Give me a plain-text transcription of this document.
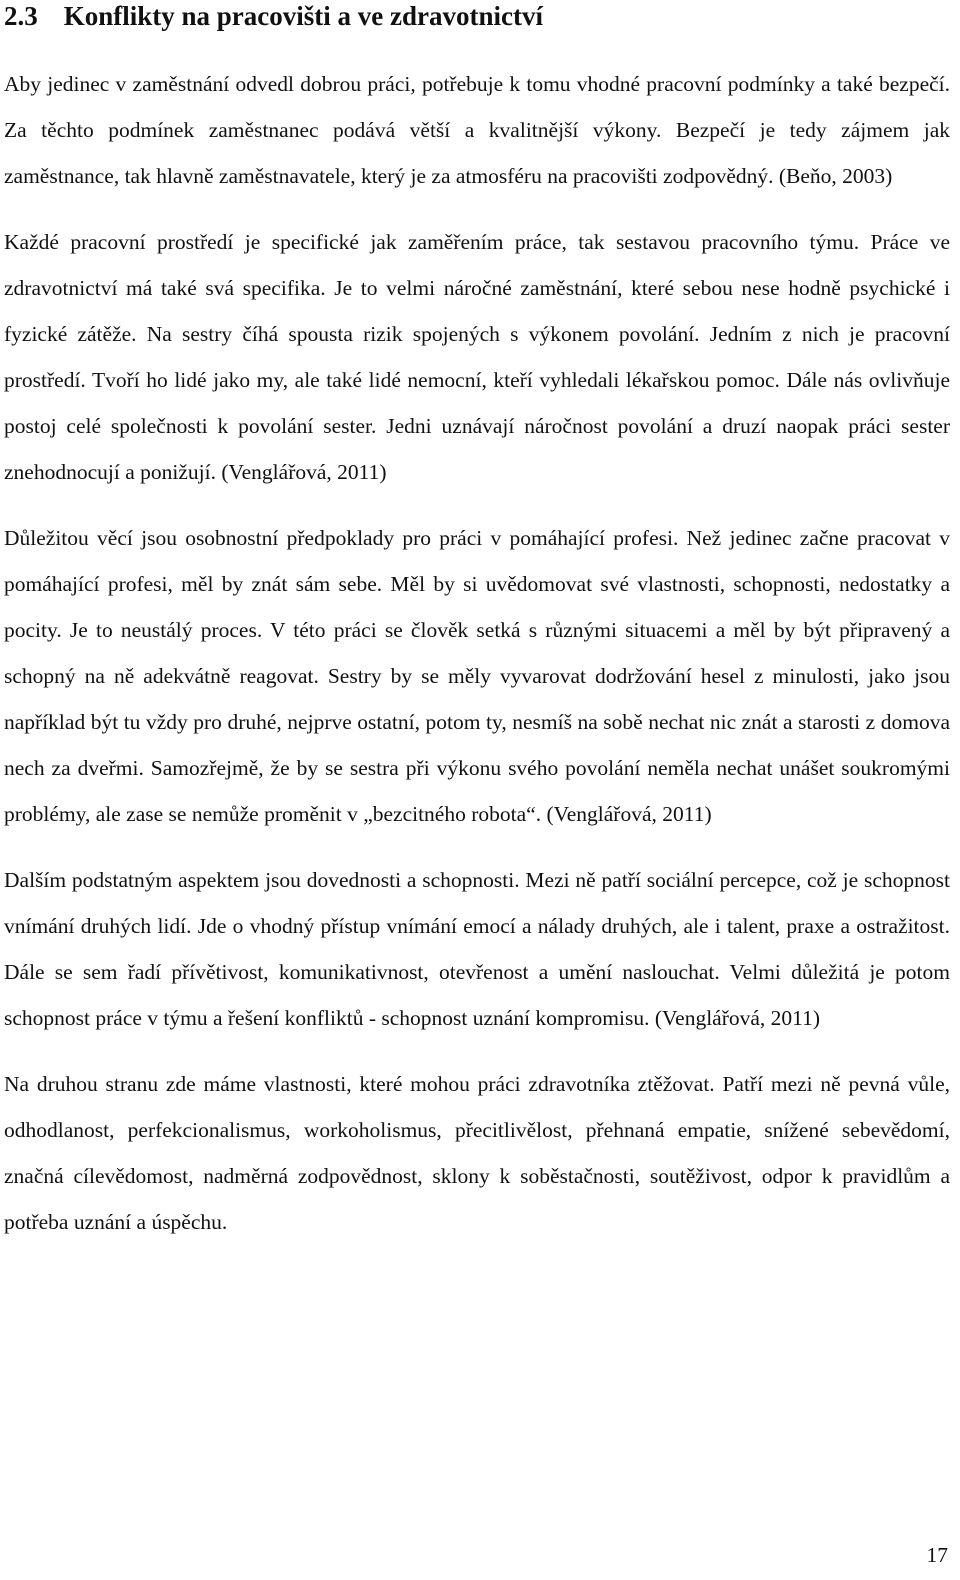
2.3 Konflikty na pracovišti a ve zdravotnictví

Aby jedinec v zaměstnání odvedl dobrou práci, potřebuje k tomu vhodné pracovní podmínky a také bezpečí. Za těchto podmínek zaměstnanec podává větší a kvalitnější výkony. Bezpečí je tedy zájmem jak zaměstnance, tak hlavně zaměstnavatele, který je za atmosféru na pracovišti zodpovědný. (Beňo, 2003)

Každé pracovní prostředí je specifické jak zaměřením práce, tak sestavou pracovního týmu. Práce ve zdravotnictví má také svá specifika. Je to velmi náročné zaměstnání, které sebou nese hodně psychické i fyzické zátěže. Na sestry číhá spousta rizik spojených s výkonem povolání. Jedním z nich je pracovní prostředí. Tvoří ho lidé jako my, ale také lidé nemocní, kteří vyhledali lékařskou pomoc. Dále nás ovlivňuje postoj celé společnosti k povolání sester. Jedni uznávají náročnost povolání a druzí naopak práci sester znehodnocují a ponižují. (Venglářová, 2011)

Důležitou věcí jsou osobnostní předpoklady pro práci v pomáhající profesi. Než jedinec začne pracovat v pomáhající profesi, měl by znát sám sebe. Měl by si uvědomovat své vlastnosti, schopnosti, nedostatky a pocity. Je to neustálý proces. V této práci se člověk setká s různými situacemi a měl by být připravený a schopný na ně adekvátně reagovat. Sestry by se měly vyvarovat dodržování hesel z minulosti, jako jsou například být tu vždy pro druhé, nejprve ostatní, potom ty, nesmíš na sobě nechat nic znát a starosti z domova nech za dveřmi. Samozřejmě, že by se sestra při výkonu svého povolání neměla nechat unášet soukromými problémy, ale zase se nemůže proměnit v „bezcitného robota“. (Venglářová, 2011)

Dalším podstatným aspektem jsou dovednosti a schopnosti. Mezi ně patří sociální percepce, což je schopnost vnímání druhých lidí. Jde o vhodný přístup vnímání emocí a nálady druhých, ale i talent, praxe a ostražitost. Dále se sem řadí přívětivost, komunikativnost, otevřenost a umění naslouchat. Velmi důležitá je potom schopnost práce v týmu a řešení konfliktů - schopnost uznání kompromisu. (Venglářová, 2011)

Na druhou stranu zde máme vlastnosti, které mohou práci zdravotníka ztěžovat. Patří mezi ně pevná vůle, odhodlanost, perfekcionalismus, workoholismus, přecitlivělost, přehnaná empatie, snížené sebevědomí, značná cílevědomost, nadměrná zodpovědnost, sklony k soběstačnosti, soutěživost, odpor k pravidlům a potřeba uznání a úspěchu.

17
